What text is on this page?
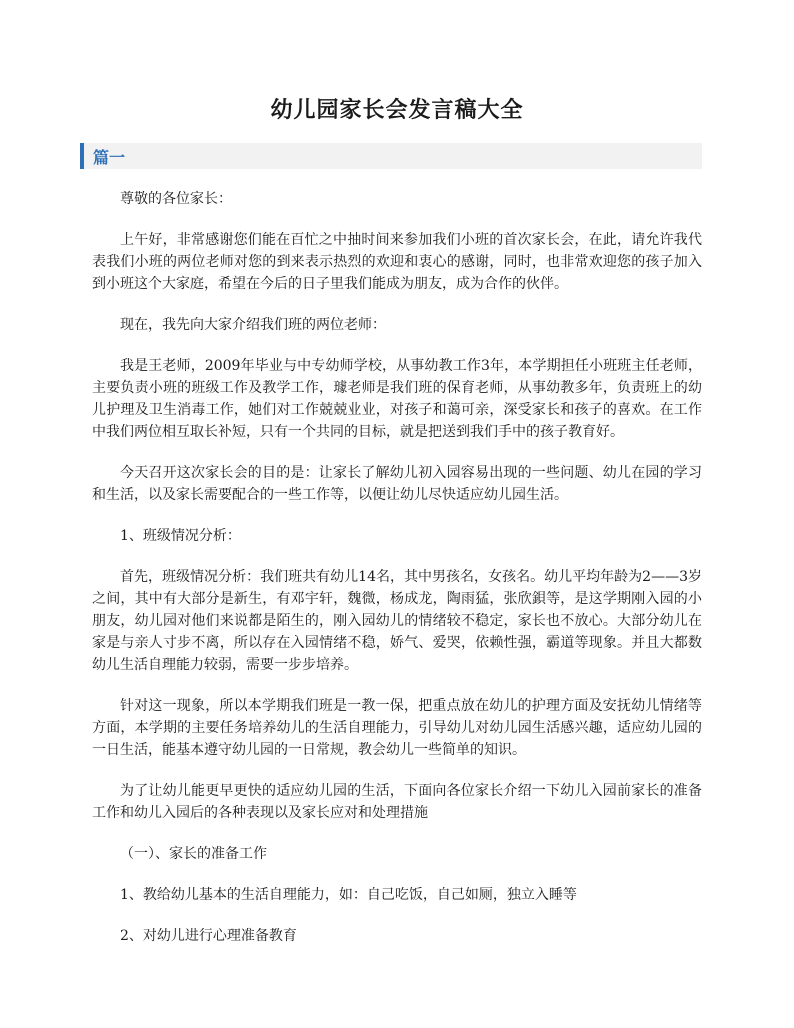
幼儿园家长会发言稿大全
篇一

尊敬的各位家长：

上午好，非常感谢您们能在百忙之中抽时间来参加我们小班的首次家长会，在此，请允许我代表我们小班的两位老师对您的到来表示热烈的欢迎和衷心的感谢，同时，也非常欢迎您的孩子加入到小班这个大家庭，希望在今后的日子里我们能成为朋友，成为合作的伙伴。

现在，我先向大家介绍我们班的两位老师：

我是王老师，2009年毕业与中专幼师学校，从事幼教工作3年，本学期担任小班班主任老师，主要负责小班的班级工作及教学工作，璩老师是我们班的保育老师，从事幼教多年，负责班上的幼儿护理及卫生消毒工作，她们对工作兢兢业业，对孩子和蔼可亲，深受家长和孩子的喜欢。在工作中我们两位相互取长补短，只有一个共同的目标，就是把送到我们手中的孩子教育好。

今天召开这次家长会的目的是：让家长了解幼儿初入园容易出现的一些问题、幼儿在园的学习和生活，以及家长需要配合的一些工作等，以便让幼儿尽快适应幼儿园生活。

1、班级情况分析：

首先，班级情况分析：我们班共有幼儿14名，其中男孩名，女孩名。幼儿平均年龄为2——3岁之间，其中有大部分是新生，有邓宇轩，魏微，杨成龙，陶雨猛，张欣鋇等，是这学期刚入园的小朋友，幼儿园对他们来说都是陌生的，刚入园幼儿的情绪较不稳定，家长也不放心。大部分幼儿在家是与亲人寸步不离，所以存在入园情绪不稳，娇气、爱哭，依赖性强，霸道等现象。并且大都数幼儿生活自理能力较弱，需要一步步培养。

针对这一现象，所以本学期我们班是一教一保，把重点放在幼儿的护理方面及安抚幼儿情绪等方面，本学期的主要任务培养幼儿的生活自理能力，引导幼儿对幼儿园生活感兴趣，适应幼儿园的一日生活，能基本遵守幼儿园的一日常规，教会幼儿一些简单的知识。

为了让幼儿能更早更快的适应幼儿园的生活，下面向各位家长介绍一下幼儿入园前家长的准备工作和幼儿入园后的各种表现以及家长应对和处理措施

（一）、家长的准备工作

1、教给幼儿基本的生活自理能力，如：自己吃饭，自己如厕，独立入睡等

2、对幼儿进行心理准备教育
